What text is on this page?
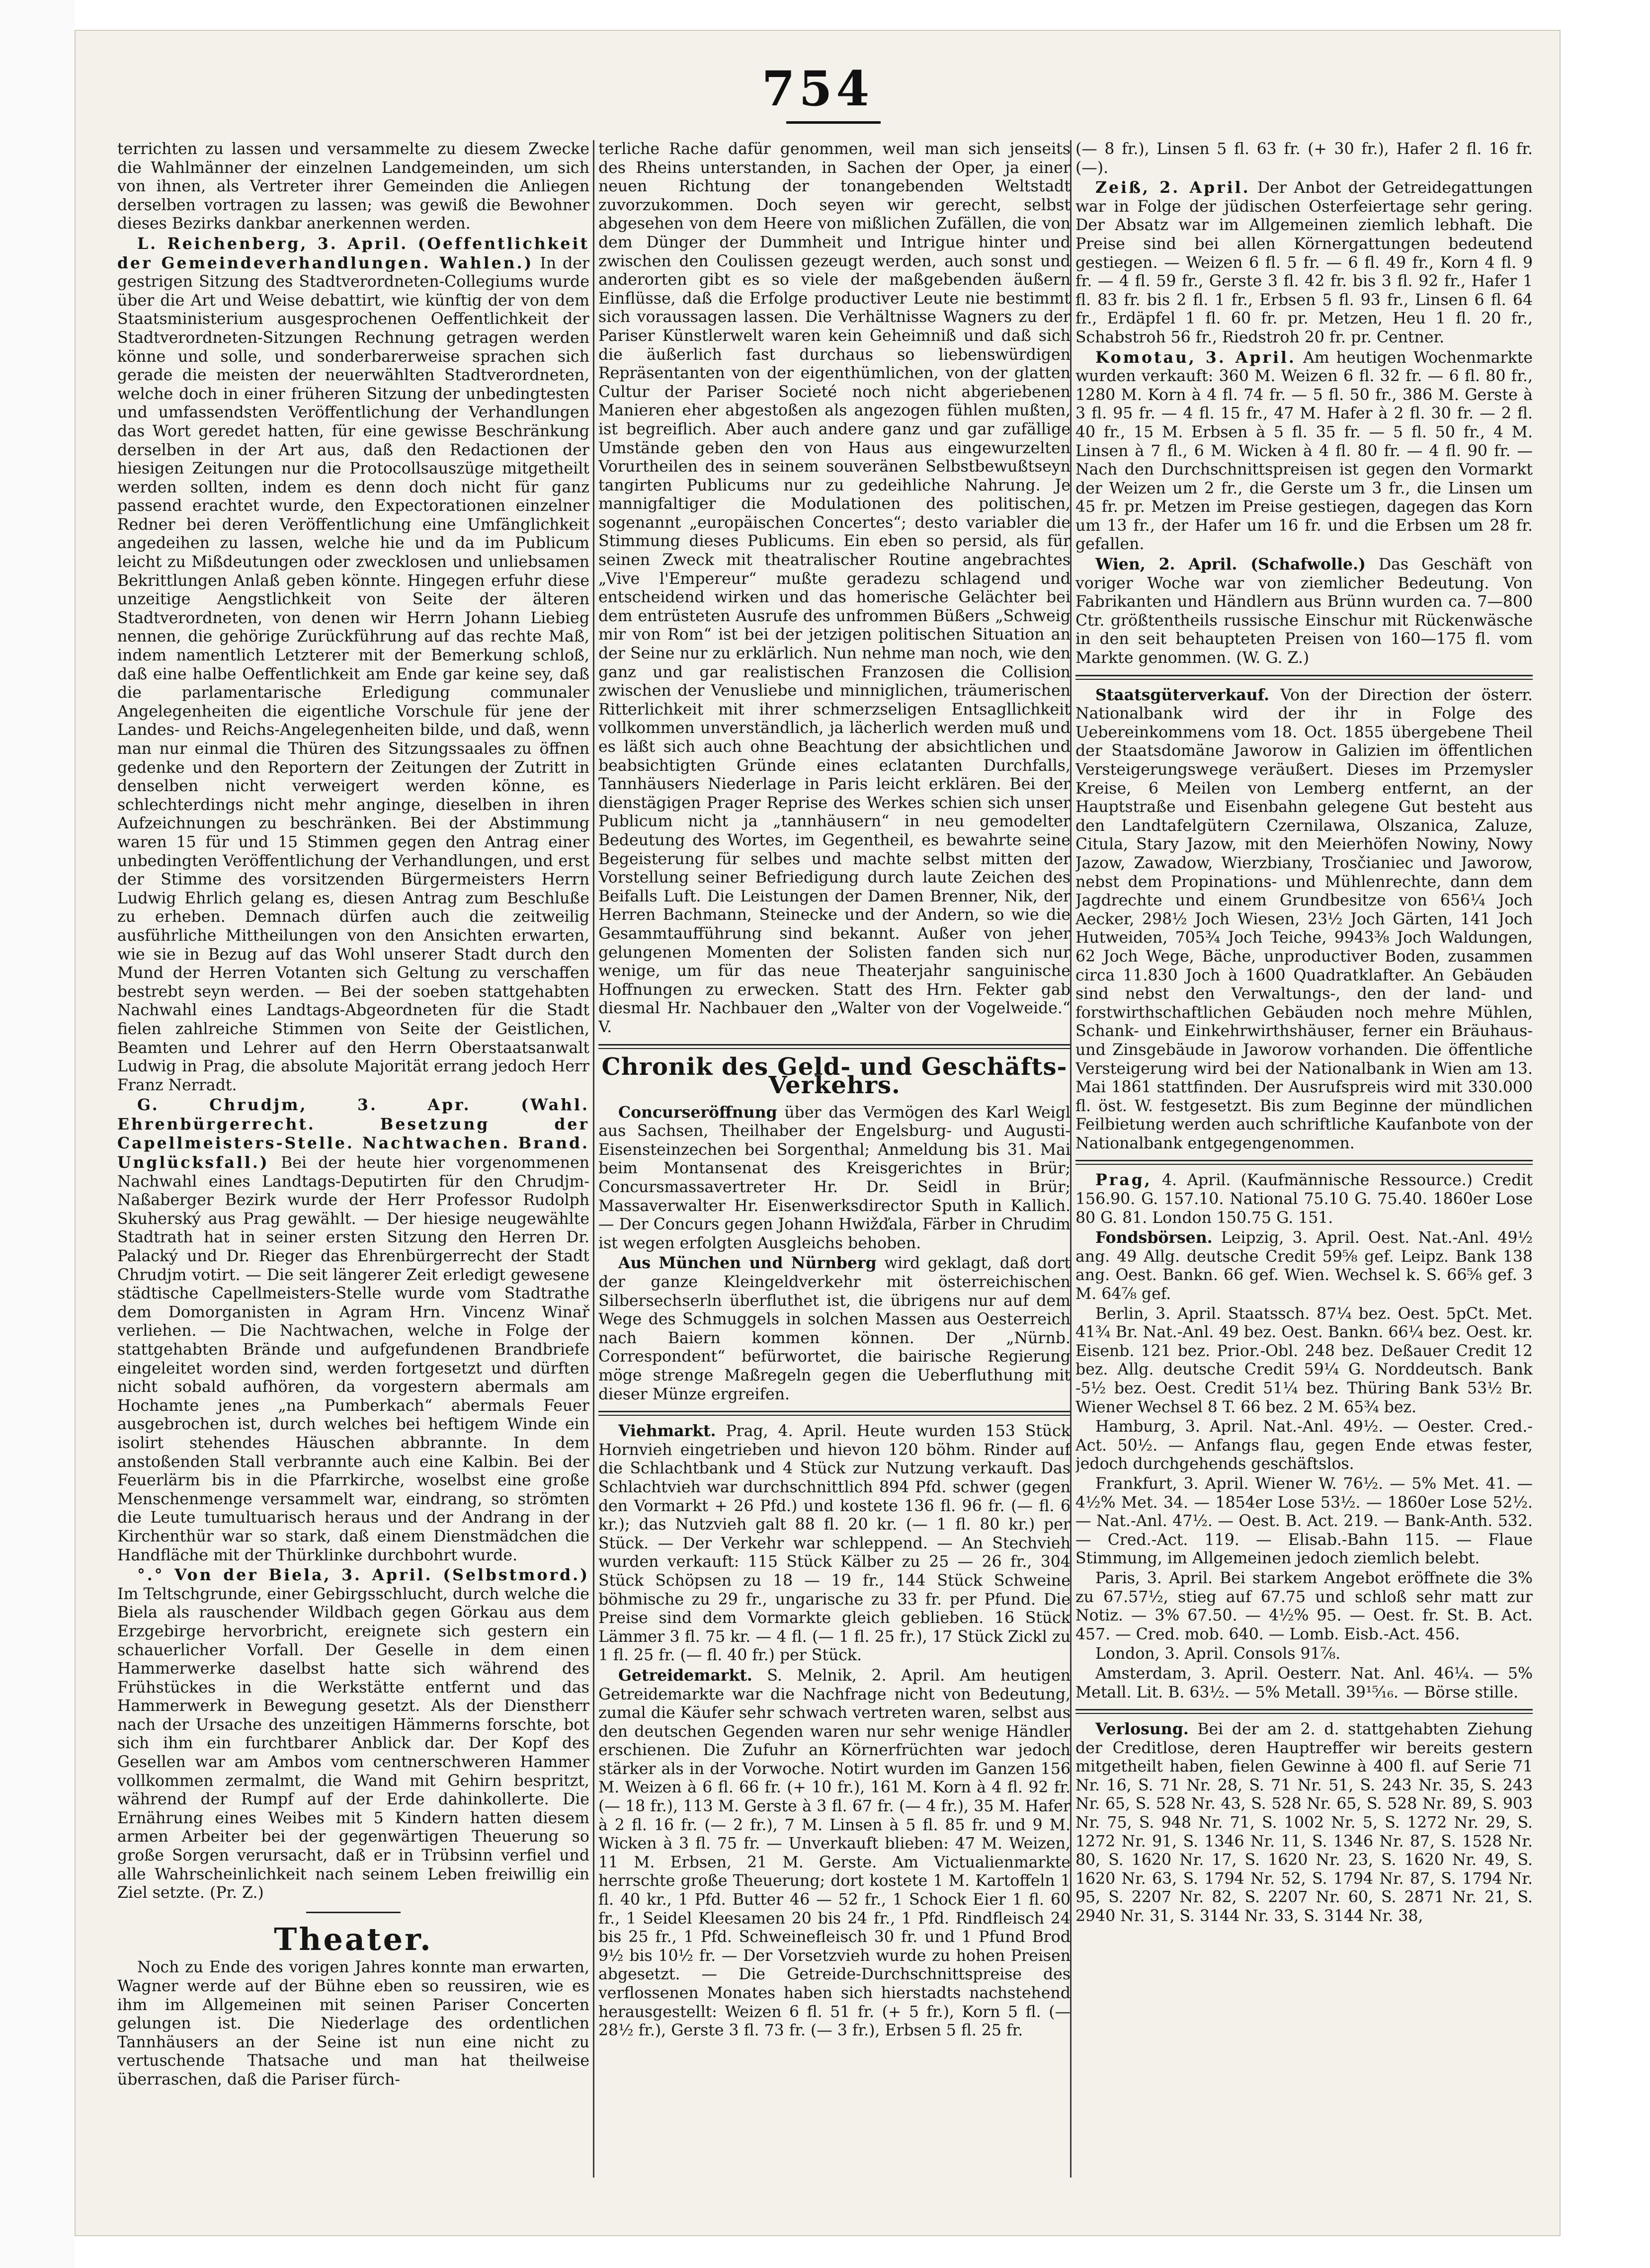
754

terrichten zu lassen und versammelte zu diesem Zwecke die Wahlmänner der einzelnen Landgemeinden, um sich von ihnen, als Vertreter ihrer Gemeinden die Anliegen derselben vortragen zu lassen; was gewiß die Bewohner dieses Bezirks dankbar anerkennen werden.

L. Reichenberg, 3. April. (Oeffentlichkeit der Gemeindeverhandlungen. Wahlen.) In der gestrigen Sitzung des Stadtverordneten-Collegiums wurde über die Art und Weise debattirt, wie künftig der von dem Staatsministerium ausgesprochenen Oeffentlichkeit der Stadtverordneten-Sitzungen Rechnung getragen werden könne und solle, und sonderbarerweise sprachen sich gerade die meisten der neuerwählten Stadtverordneten, welche doch in einer früheren Sitzung der unbedingtesten und umfassendsten Veröffentlichung der Verhandlungen das Wort geredet hatten, für eine gewisse Beschränkung derselben in der Art aus, daß den Redactionen der hiesigen Zeitungen nur die Protocollsauszüge mitgetheilt werden sollten, indem es denn doch nicht für ganz passend erachtet wurde, den Expectorationen einzelner Redner bei deren Veröffentlichung eine Umfänglichkeit angedeihen zu lassen, welche hie und da im Publicum leicht zu Mißdeutungen oder zwecklosen und unliebsamen Bekrittlungen Anlaß geben könnte. Hingegen erfuhr diese unzeitige Aengstlichkeit von Seite der älteren Stadtverordneten, von denen wir Herrn Johann Liebieg nennen, die gehörige Zurückführung auf das rechte Maß, indem namentlich Letzterer mit der Bemerkung schloß, daß eine halbe Oeffentlichkeit am Ende gar keine sey, daß die parlamentarische Erledigung communaler Angelegenheiten die eigentliche Vorschule für jene der Landes- und Reichs-Angelegenheiten bilde, und daß, wenn man nur einmal die Thüren des Sitzungssaales zu öffnen gedenke und den Reportern der Zeitungen der Zutritt in denselben nicht verweigert werden könne, es schlechterdings nicht mehr anginge, dieselben in ihren Aufzeichnungen zu beschränken. Bei der Abstimmung waren 15 für und 15 Stimmen gegen den Antrag einer unbedingten Veröffentlichung der Verhandlungen, und erst der Stimme des vorsitzenden Bürgermeisters Herrn Ludwig Ehrlich gelang es, diesen Antrag zum Beschluße zu erheben. Demnach dürfen auch die zeitweilig ausführliche Mittheilungen von den Ansichten erwarten, wie sie in Bezug auf das Wohl unserer Stadt durch den Mund der Herren Votanten sich Geltung zu verschaffen bestrebt seyn werden. — Bei der soeben stattgehabten Nachwahl eines Landtags-Abgeordneten für die Stadt fielen zahlreiche Stimmen von Seite der Geistlichen, Beamten und Lehrer auf den Herrn Oberstaatsanwalt Ludwig in Prag, die absolute Majorität errang jedoch Herr Franz Nerradt.

G. Chrudjm, 3. Apr. (Wahl. Ehrenbürgerrecht. Besetzung der Capellmeisters-Stelle. Nachtwachen. Brand. Unglücksfall.) Bei der heute hier vorgenommenen Nachwahl eines Landtags-Deputirten für den Chrudjm-Naßaberger Bezirk wurde der Herr Professor Rudolph Skuherský aus Prag gewählt. — Der hiesige neugewählte Stadtrath hat in seiner ersten Sitzung den Herren Dr. Palacký und Dr. Rieger das Ehrenbürgerrecht der Stadt Chrudjm votirt. — Die seit längerer Zeit erledigt gewesene städtische Capellmeisters-Stelle wurde vom Stadtrathe dem Domorganisten in Agram Hrn. Vincenz Winař verliehen. — Die Nachtwachen, welche in Folge der stattgehabten Brände und aufgefundenen Brandbriefe eingeleitet worden sind, werden fortgesetzt und dürften nicht sobald aufhören, da vorgestern abermals am Hochamte jenes „na Pumberkach“ abermals Feuer ausgebrochen ist, durch welches bei heftigem Winde ein isolirt stehendes Häuschen abbrannte. In dem anstoßenden Stall verbrannte auch eine Kalbin. Bei der Feuerlärm bis in die Pfarrkirche, woselbst eine große Menschenmenge versammelt war, eindrang, so strömten die Leute tumultuarisch heraus und der Andrang in der Kirchenthür war so stark, daß einem Dienstmädchen die Handfläche mit der Thürklinke durchbohrt wurde.

°.° Von der Biela, 3. April. (Selbstmord.) Im Teltschgrunde, einer Gebirgsschlucht, durch welche die Biela als rauschender Wildbach gegen Görkau aus dem Erzgebirge hervorbricht, ereignete sich gestern ein schauerlicher Vorfall. Der Geselle in dem einen Hammerwerke daselbst hatte sich während des Frühstückes in die Werkstätte entfernt und das Hammerwerk in Bewegung gesetzt. Als der Dienstherr nach der Ursache des unzeitigen Hämmerns forschte, bot sich ihm ein furchtbarer Anblick dar. Der Kopf des Gesellen war am Ambos vom centnerschweren Hammer vollkommen zermalmt, die Wand mit Gehirn bespritzt, während der Rumpf auf der Erde dahinkollerte. Die Ernährung eines Weibes mit 5 Kindern hatten diesem armen Arbeiter bei der gegenwärtigen Theuerung so große Sorgen verursacht, daß er in Trübsinn verfiel und alle Wahrscheinlichkeit nach seinem Leben freiwillig ein Ziel setzte. (Pr. Z.)

Theater.

Noch zu Ende des vorigen Jahres konnte man erwarten, Wagner werde auf der Bühne eben so reussiren, wie es ihm im Allgemeinen mit seinen Pariser Concerten gelungen ist. Die Niederlage des ordentlichen Tannhäusers an der Seine ist nun eine nicht zu vertuschende Thatsache und man hat theilweise überraschen, daß die Pariser fürch-

terliche Rache dafür genommen, weil man sich jenseits des Rheins unterstanden, in Sachen der Oper, ja einer neuen Richtung der tonangebenden Weltstadt zuvorzukommen. Doch seyen wir gerecht, selbst abgesehen von dem Heere von mißlichen Zufällen, die von dem Dünger der Dummheit und Intrigue hinter und zwischen den Coulissen gezeugt werden, auch sonst und anderorten gibt es so viele der maßgebenden äußern Einflüsse, daß die Erfolge productiver Leute nie bestimmt sich voraussagen lassen. Die Verhältnisse Wagners zu der Pariser Künstlerwelt waren kein Geheimniß und daß sich die äußerlich fast durchaus so liebenswürdigen Repräsentanten von der eigenthümlichen, von der glatten Cultur der Pariser Societé noch nicht abgeriebenen Manieren eher abgestoßen als angezogen fühlen mußten, ist begreiflich. Aber auch andere ganz und gar zufällige Umstände geben den von Haus aus eingewurzelten Vorurtheilen des in seinem souveränen Selbstbewußtseyn tangirten Publicums nur zu gedeihliche Nahrung. Je mannigfaltiger die Modulationen des politischen, sogenannt „europäischen Concertes“; desto variabler die Stimmung dieses Publicums. Ein eben so persid, als für seinen Zweck mit theatralischer Routine angebrachtes „Vive l'Empereur“ mußte geradezu schlagend und entscheidend wirken und das homerische Gelächter bei dem entrüsteten Ausrufe des unfrommen Büßers „Schweig mir von Rom“ ist bei der jetzigen politischen Situation an der Seine nur zu erklärlich. Nun nehme man noch, wie den ganz und gar realistischen Franzosen die Collision zwischen der Venusliebe und minniglichen, träumerischen Ritterlichkeit mit ihrer schmerzseligen Entsagllichkeit vollkommen unverständlich, ja lächerlich werden muß und es läßt sich auch ohne Beachtung der absichtlichen und beabsichtigten Gründe eines eclatanten Durchfalls, Tannhäusers Niederlage in Paris leicht erklären. Bei der dienstägigen Prager Reprise des Werkes schien sich unser Publicum nicht ja „tannhäusern“ in neu gemodelter Bedeutung des Wortes, im Gegentheil, es bewahrte seine Begeisterung für selbes und machte selbst mitten der Vorstellung seiner Befriedigung durch laute Zeichen des Beifalls Luft. Die Leistungen der Damen Brenner, Nik, der Herren Bachmann, Steinecke und der Andern, so wie die Gesammtaufführung sind bekannt. Außer von jeher gelungenen Momenten der Solisten fanden sich nur wenige, um für das neue Theaterjahr sanguinische Hoffnungen zu erwecken. Statt des Hrn. Fekter gab diesmal Hr. Nachbauer den „Walter von der Vogelweide.“ V.

Chronik des Geld- und Geschäfts-Verkehrs.

Concurseröffnung über das Vermögen des Karl Weigl aus Sachsen, Theilhaber der Engelsburg- und Augusti-Eisensteinzechen bei Sorgenthal; Anmeldung bis 31. Mai beim Montansenat des Kreisgerichtes in Brür; Concursmassavertreter Hr. Dr. Seidl in Brür; Massaverwalter Hr. Eisenwerksdirector Sputh in Kallich. — Der Concurs gegen Johann Hwižďala, Färber in Chrudim ist wegen erfolgten Ausgleichs behoben.

Aus München und Nürnberg wird geklagt, daß dort der ganze Kleingeldverkehr mit österreichischen Silbersechserln überfluthet ist, die übrigens nur auf dem Wege des Schmuggels in solchen Massen aus Oesterreich nach Baiern kommen können. Der „Nürnb. Correspondent“ befürwortet, die bairische Regierung möge strenge Maßregeln gegen die Ueberfluthung mit dieser Münze ergreifen.

Viehmarkt. Prag, 4. April. Heute wurden 153 Stück Hornvieh eingetrieben und hievon 120 böhm. Rinder auf die Schlachtbank und 4 Stück zur Nutzung verkauft. Das Schlachtvieh war durchschnittlich 894 Pfd. schwer (gegen den Vormarkt + 26 Pfd.) und kostete 136 fl. 96 fr. (— fl. 6 kr.); das Nutzvieh galt 88 fl. 20 kr. (— 1 fl. 80 kr.) per Stück. — Der Verkehr war schleppend. — An Stechvieh wurden verkauft: 115 Stück Kälber zu 25 — 26 fr., 304 Stück Schöpsen zu 18 — 19 fr., 144 Stück Schweine böhmische zu 29 fr., ungarische zu 33 fr. per Pfund. Die Preise sind dem Vormarkte gleich geblieben. 16 Stück Lämmer 3 fl. 75 kr. — 4 fl. (— 1 fl. 25 fr.), 17 Stück Zickl zu 1 fl. 25 fr. (— fl. 40 fr.) per Stück.

Getreidemarkt. S. Melnik, 2. April. Am heutigen Getreidemarkte war die Nachfrage nicht von Bedeutung, zumal die Käufer sehr schwach vertreten waren, selbst aus den deutschen Gegenden waren nur sehr wenige Händler erschienen. Die Zufuhr an Körnerfrüchten war jedoch stärker als in der Vorwoche. Notirt wurden im Ganzen 156 M. Weizen à 6 fl. 66 fr. (+ 10 fr.), 161 M. Korn à 4 fl. 92 fr. (— 18 fr.), 113 M. Gerste à 3 fl. 67 fr. (— 4 fr.), 35 M. Hafer à 2 fl. 16 fr. (— 2 fr.), 7 M. Linsen à 5 fl. 85 fr. und 9 M. Wicken à 3 fl. 75 fr. — Unverkauft blieben: 47 M. Weizen, 11 M. Erbsen, 21 M. Gerste. Am Victualienmarkte herrschte große Theuerung; dort kostete 1 M. Kartoffeln 1 fl. 40 kr., 1 Pfd. Butter 46 — 52 fr., 1 Schock Eier 1 fl. 60 fr., 1 Seidel Kleesamen 20 bis 24 fr., 1 Pfd. Rindfleisch 24 bis 25 fr., 1 Pfd. Schweinefleisch 30 fr. und 1 Pfund Brod 9½ bis 10½ fr. — Der Vorsetzvieh wurde zu hohen Preisen abgesetzt. — Die Getreide-Durchschnittspreise des verflossenen Monates haben sich hierstadts nachstehend herausgestellt: Weizen 6 fl. 51 fr. (+ 5 fr.), Korn 5 fl. (— 28½ fr.), Gerste 3 fl. 73 fr. (— 3 fr.), Erbsen 5 fl. 25 fr.

(— 8 fr.), Linsen 5 fl. 63 fr. (+ 30 fr.), Hafer 2 fl. 16 fr. (—).

Zeiß, 2. April. Der Anbot der Getreidegattungen war in Folge der jüdischen Osterfeiertage sehr gering. Der Absatz war im Allgemeinen ziemlich lebhaft. Die Preise sind bei allen Körnergattungen bedeutend gestiegen. — Weizen 6 fl. 5 fr. — 6 fl. 49 fr., Korn 4 fl. 9 fr. — 4 fl. 59 fr., Gerste 3 fl. 42 fr. bis 3 fl. 92 fr., Hafer 1 fl. 83 fr. bis 2 fl. 1 fr., Erbsen 5 fl. 93 fr., Linsen 6 fl. 64 fr., Erdäpfel 1 fl. 60 fr. pr. Metzen, Heu 1 fl. 20 fr., Schabstroh 56 fr., Riedstroh 20 fr. pr. Centner.

Komotau, 3. April. Am heutigen Wochenmarkte wurden verkauft: 360 M. Weizen 6 fl. 32 fr. — 6 fl. 80 fr., 1280 M. Korn à 4 fl. 74 fr. — 5 fl. 50 fr., 386 M. Gerste à 3 fl. 95 fr. — 4 fl. 15 fr., 47 M. Hafer à 2 fl. 30 fr. — 2 fl. 40 fr., 15 M. Erbsen à 5 fl. 35 fr. — 5 fl. 50 fr., 4 M. Linsen à 7 fl., 6 M. Wicken à 4 fl. 80 fr. — 4 fl. 90 fr. — Nach den Durchschnittspreisen ist gegen den Vormarkt der Weizen um 2 fr., die Gerste um 3 fr., die Linsen um 45 fr. pr. Metzen im Preise gestiegen, dagegen das Korn um 13 fr., der Hafer um 16 fr. und die Erbsen um 28 fr. gefallen.

Wien, 2. April. (Schafwolle.) Das Geschäft von voriger Woche war von ziemlicher Bedeutung. Von Fabrikanten und Händlern aus Brünn wurden ca. 7—800 Ctr. größtentheils russische Einschur mit Rückenwäsche in den seit behaupteten Preisen von 160—175 fl. vom Markte genommen. (W. G. Z.)

Staatsgüterverkauf. Von der Direction der österr. Nationalbank wird der ihr in Folge des Uebereinkommens vom 18. Oct. 1855 übergebene Theil der Staatsdomäne Jaworow in Galizien im öffentlichen Versteigerungswege veräußert. Dieses im Przemysler Kreise, 6 Meilen von Lemberg entfernt, an der Hauptstraße und Eisenbahn gelegene Gut besteht aus den Landtafelgütern Czernilawa, Olszanica, Zaluze, Citula, Stary Jazow, mit den Meierhöfen Nowiny, Nowy Jazow, Zawadow, Wierzbiany, Trosčianiec und Jaworow, nebst dem Propinations- und Mühlenrechte, dann dem Jagdrechte und einem Grundbesitze von 656¼ Joch Aecker, 298½ Joch Wiesen, 23½ Joch Gärten, 141 Joch Hutweiden, 705¾ Joch Teiche, 9943⅜ Joch Waldungen, 62 Joch Wege, Bäche, unproductiver Boden, zusammen circa 11.830 Joch à 1600 Quadratklafter. An Gebäuden sind nebst den Verwaltungs-, den der land- und forstwirthschaftlichen Gebäuden noch mehre Mühlen, Schank- und Einkehrwirthshäuser, ferner ein Bräuhaus- und Zinsgebäude in Jaworow vorhanden. Die öffentliche Versteigerung wird bei der Nationalbank in Wien am 13. Mai 1861 stattfinden. Der Ausrufspreis wird mit 330.000 fl. öst. W. festgesetzt. Bis zum Beginne der mündlichen Feilbietung werden auch schriftliche Kaufanbote von der Nationalbank entgegengenommen.

Prag, 4. April. (Kaufmännische Ressource.) Credit 156.90. G. 157.10. National 75.10 G. 75.40. 1860er Lose 80 G. 81. London 150.75 G. 151.

Fondsbörsen. Leipzig, 3. April. Oest. Nat.-Anl. 49½ ang. 49 Allg. deutsche Credit 59⅝ gef. Leipz. Bank 138 ang. Oest. Bankn. 66 gef. Wien. Wechsel k. S. 66⅝ gef. 3 M. 64⅞ gef.

Berlin, 3. April. Staatssch. 87¼ bez. Oest. 5pCt. Met. 41¾ Br. Nat.-Anl. 49 bez. Oest. Bankn. 66¼ bez. Oest. kr. Eisenb. 121 bez. Prior.-Obl. 248 bez. Deßauer Credit 12 bez. Allg. deutsche Credit 59¼ G. Norddeutsch. Bank -5½ bez. Oest. Credit 51¼ bez. Thüring Bank 53½ Br. Wiener Wechsel 8 T. 66 bez. 2 M. 65¾ bez.

Hamburg, 3. April. Nat.-Anl. 49½. — Oester. Cred.-Act. 50½. — Anfangs flau, gegen Ende etwas fester, jedoch durchgehends geschäftslos.

Frankfurt, 3. April. Wiener W. 76½. — 5% Met. 41. — 4½% Met. 34. — 1854er Lose 53½. — 1860er Lose 52½. — Nat.-Anl. 47½. — Oest. B. Act. 219. — Bank-Anth. 532. — Cred.-Act. 119. — Elisab.-Bahn 115. — Flaue Stimmung, im Allgemeinen jedoch ziemlich belebt.

Paris, 3. April. Bei starkem Angebot eröffnete die 3% zu 67.57½, stieg auf 67.75 und schloß sehr matt zur Notiz. — 3% 67.50. — 4½% 95. — Oest. fr. St. B. Act. 457. — Cred. mob. 640. — Lomb. Eisb.-Act. 456.

London, 3. April. Consols 91⅞.

Amsterdam, 3. April. Oesterr. Nat. Anl. 46¼. — 5% Metall. Lit. B. 63½. — 5% Metall. 39¹⁵⁄₁₆. — Börse stille.

Verlosung. Bei der am 2. d. stattgehabten Ziehung der Creditlose, deren Hauptreffer wir bereits gestern mitgetheilt haben, fielen Gewinne à 400 fl. auf Serie 71 Nr. 16, S. 71 Nr. 28, S. 71 Nr. 51, S. 243 Nr. 35, S. 243 Nr. 65, S. 528 Nr. 43, S. 528 Nr. 65, S. 528 Nr. 89, S. 903 Nr. 75, S. 948 Nr. 71, S. 1002 Nr. 5, S. 1272 Nr. 29, S. 1272 Nr. 91, S. 1346 Nr. 11, S. 1346 Nr. 87, S. 1528 Nr. 80, S. 1620 Nr. 17, S. 1620 Nr. 23, S. 1620 Nr. 49, S. 1620 Nr. 63, S. 1794 Nr. 52, S. 1794 Nr. 87, S. 1794 Nr. 95, S. 2207 Nr. 82, S. 2207 Nr. 60, S. 2871 Nr. 21, S. 2940 Nr. 31, S. 3144 Nr. 33, S. 3144 Nr. 38,
